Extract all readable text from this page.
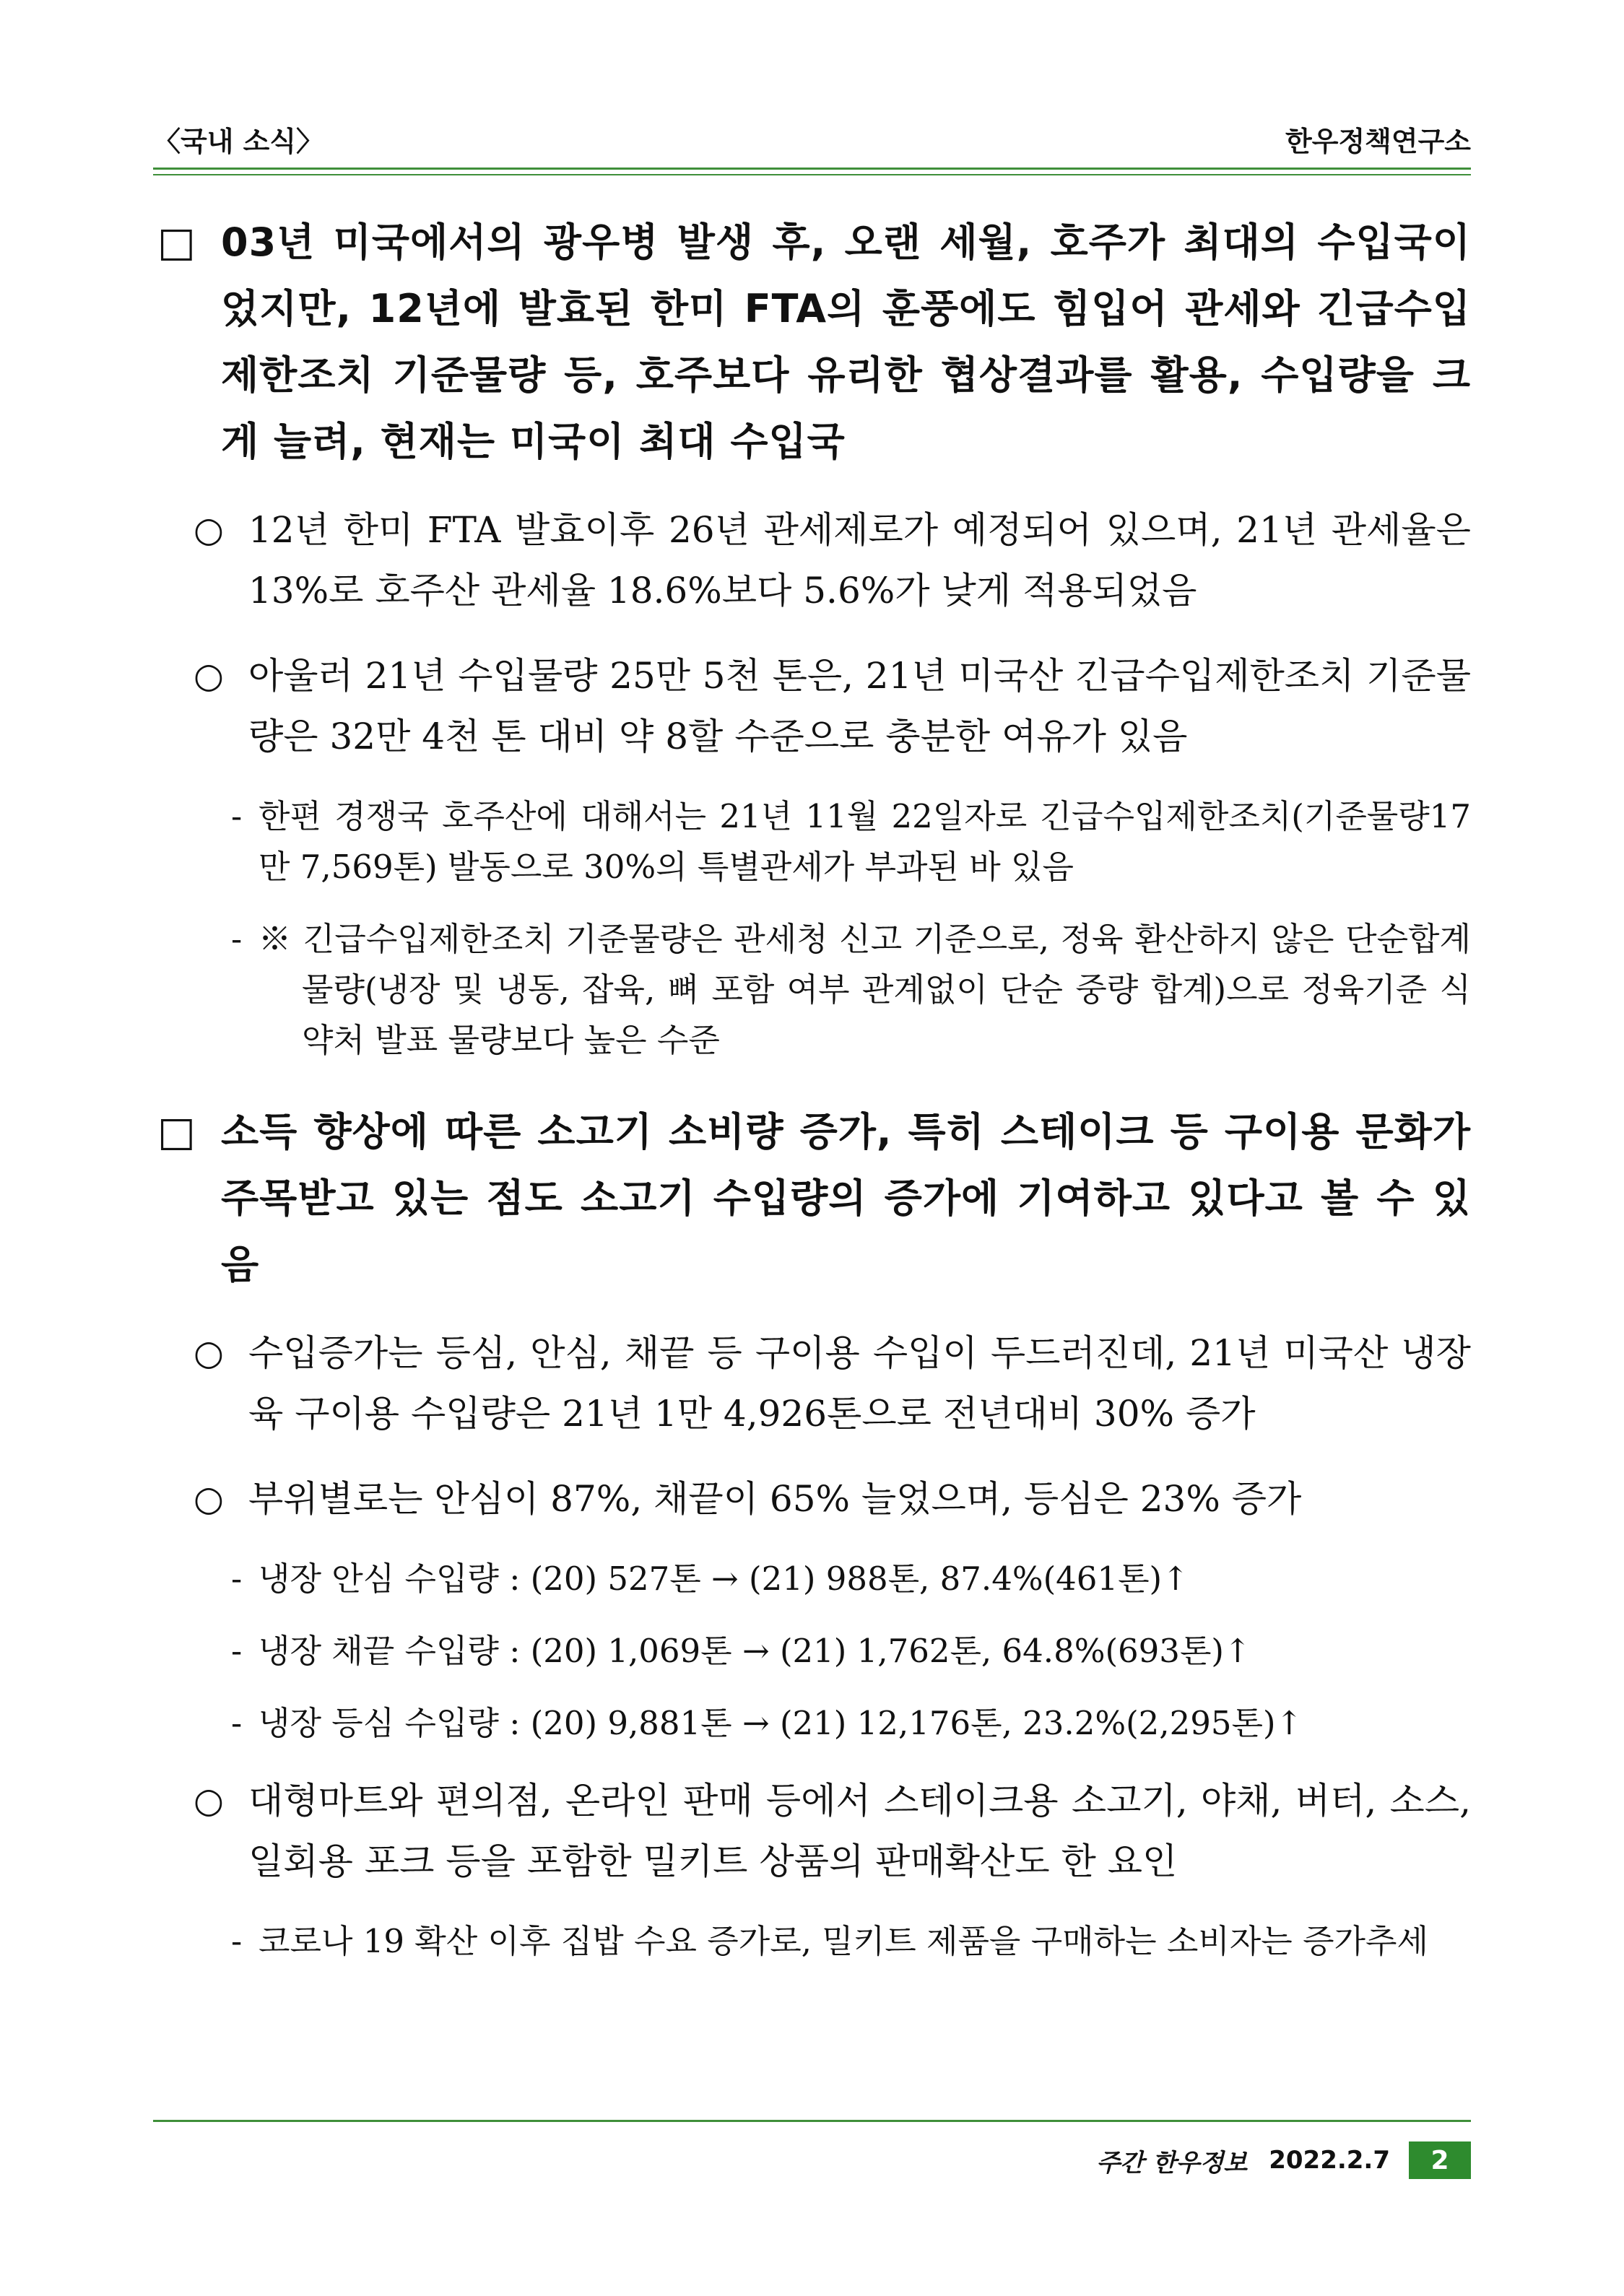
〈국내 소식〉	한우정책연구소
□ 03년 미국에서의 광우병 발생 후, 오랜 세월, 호주가 최대의 수입국이었지만, 12년에 발효된 한미 FTA의 훈풍에도 힘입어 관세와 긴급수입제한조치 기준물량 등, 호주보다 유리한 협상결과를 활용, 수입량을 크게 늘려, 현재는 미국이 최대 수입국
○ 12년 한미 FTA 발효이후 26년 관세제로가 예정되어 있으며, 21년 관세율은 13%로 호주산 관세율 18.6%보다 5.6%가 낮게 적용되었음
○ 아울러 21년 수입물량 25만 5천 톤은, 21년 미국산 긴급수입제한조치 기준물량은 32만 4천 톤 대비 약 8할 수준으로 충분한 여유가 있음
- 한편 경쟁국 호주산에 대해서는 21년 11월 22일자로 긴급수입제한조치(기준물량17만 7,569톤) 발동으로 30%의 특별관세가 부과된 바 있음
- ※ 긴급수입제한조치 기준물량은 관세청 신고 기준으로, 정육 환산하지 않은 단순합계 물량(냉장 및 냉동, 잡육, 뼈 포함 여부 관계없이 단순 중량 합계)으로 정육기준 식약처 발표 물량보다 높은 수준
□ 소득 향상에 따른 소고기 소비량 증가, 특히 스테이크 등 구이용 문화가 주목받고 있는 점도 소고기 수입량의 증가에 기여하고 있다고 볼 수 있음
○ 수입증가는 등심, 안심, 채끝 등 구이용 수입이 두드러진데, 21년 미국산 냉장육 구이용 수입량은 21년 1만 4,926톤으로 전년대비 30% 증가
○ 부위별로는 안심이 87%, 채끝이 65% 늘었으며, 등심은 23% 증가
- 냉장 안심 수입량 : (20) 527톤 → (21) 988톤, 87.4%(461톤)↑
- 냉장 채끝 수입량 : (20) 1,069톤 → (21) 1,762톤, 64.8%(693톤)↑
- 냉장 등심 수입량 : (20) 9,881톤 → (21) 12,176톤, 23.2%(2,295톤)↑
○ 대형마트와 편의점, 온라인 판매 등에서 스테이크용 소고기, 야채, 버터, 소스, 일회용 포크 등을 포함한 밀키트 상품의 판매확산도 한 요인
- 코로나 19 확산 이후 집밥 수요 증가로, 밀키트 제품을 구매하는 소비자는 증가추세
주간 한우정보 2022.2.7	2
